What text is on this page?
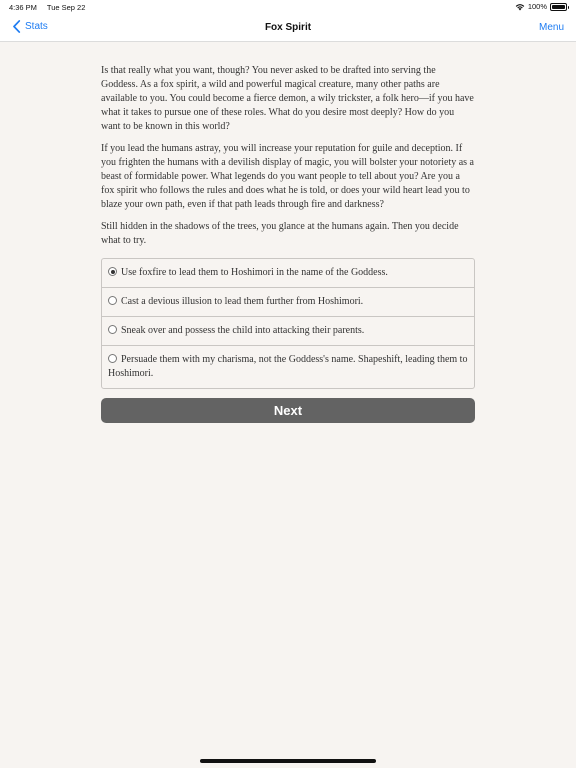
4:36 PM Tue Sep 22	100%
Stats	Fox Spirit	Menu

Is that really what you want, though? You never asked to be drafted into serving the Goddess. As a fox spirit, a wild and powerful magical creature, many other paths are available to you. You could become a fierce demon, a wily trickster, a folk hero—if you have what it takes to pursue one of these roles. What do you desire most deeply? How do you want to be known in this world?

If you lead the humans astray, you will increase your reputation for guile and deception. If you frighten the humans with a devilish display of magic, you will bolster your notoriety as a beast of formidable power. What legends do you want people to tell about you? Are you a fox spirit who follows the rules and does what he is told, or does your wild heart lead you to blaze your own path, even if that path leads through fire and darkness?

Still hidden in the shadows of the trees, you glance at the humans again. Then you decide what to try.

Use foxfire to lead them to Hoshimori in the name of the Goddess.
Cast a devious illusion to lead them further from Hoshimori.
Sneak over and possess the child into attacking their parents.
Persuade them with my charisma, not the Goddess's name. Shapeshift, leading them to Hoshimori.
Next
